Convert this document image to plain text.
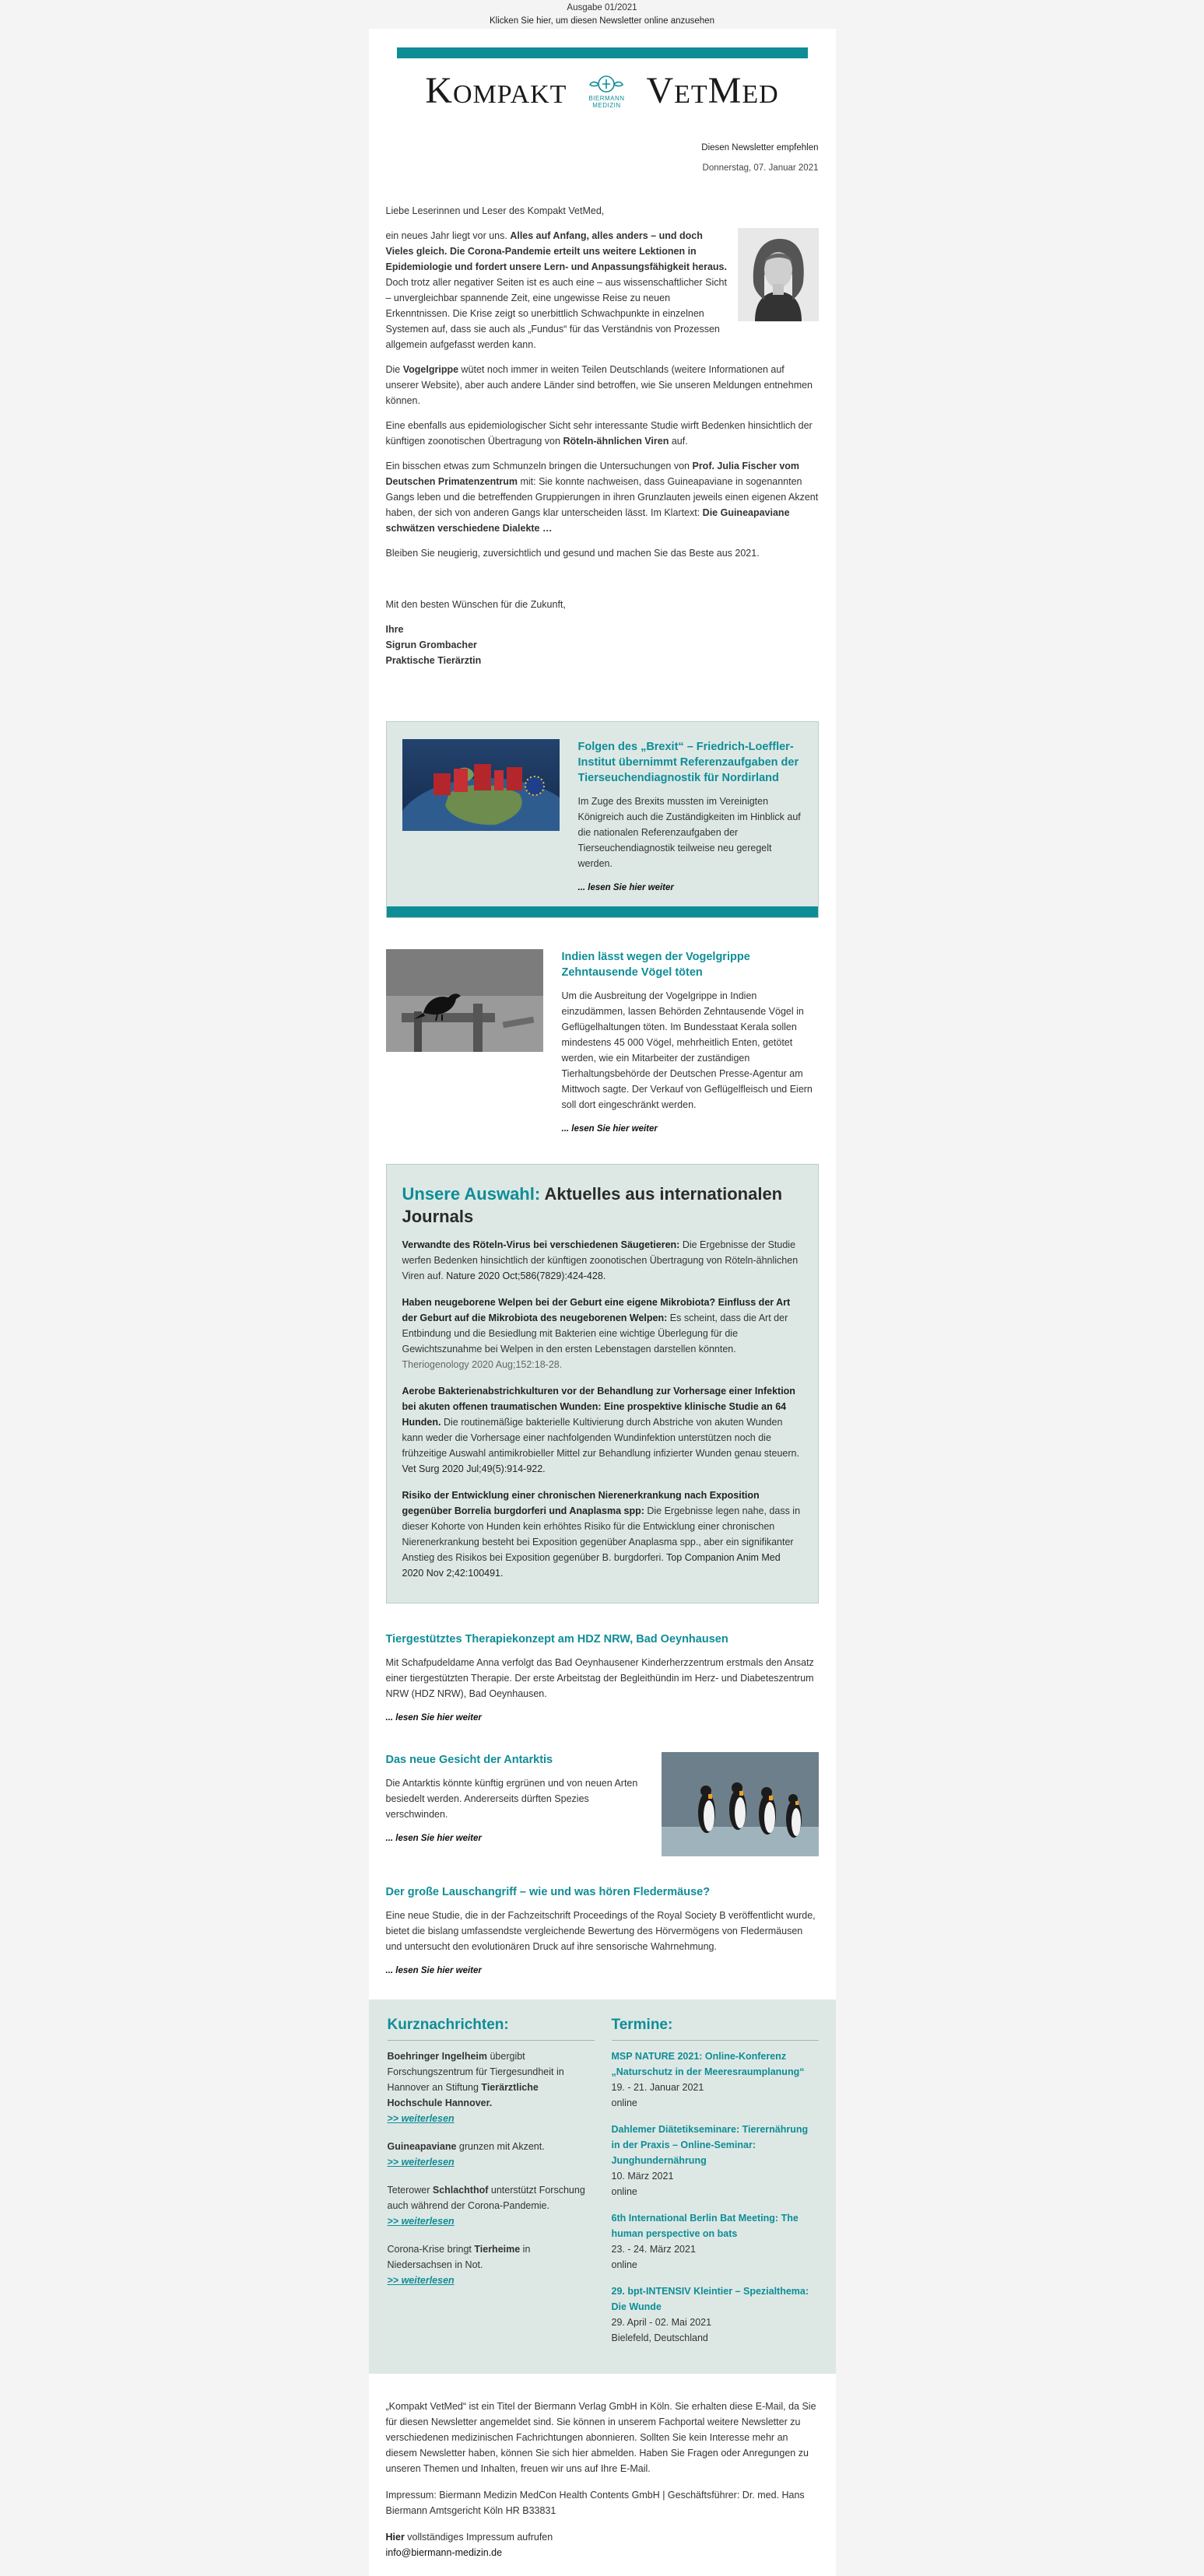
Ausgabe 01/2021
Klicken Sie hier, um diesen Newsletter online anzusehen
Kompakt	BIERMANN
MEDIZIN VetMed
Diesen Newsletter empfehlen
Donnerstag, 07. Januar 2021

Liebe Leserinnen und Leser des Kompakt VetMed,

ein neues Jahr liegt vor uns. Alles auf Anfang, alles anders – und doch Vieles gleich. Die Corona-Pandemie erteilt uns weitere Lektionen in Epidemiologie und fordert unsere Lern- und Anpassungsfähigkeit heraus. Doch trotz aller negativer Seiten ist es auch eine – aus wissenschaftlicher Sicht – unvergleichbar spannende Zeit, eine ungewisse Reise zu neuen Erkenntnissen. Die Krise zeigt so unerbittlich Schwachpunkte in einzelnen Systemen auf, dass sie auch als „Fundus“ für das Verständnis von Prozessen allgemein aufgefasst werden kann.

Die Vogelgrippe wütet noch immer in weiten Teilen Deutschlands (weitere Informationen auf unserer Website), aber auch andere Länder sind betroffen, wie Sie unseren Meldungen entnehmen können.

Eine ebenfalls aus epidemiologischer Sicht sehr interessante Studie wirft Bedenken hinsichtlich der künftigen zoonotischen Übertragung von Röteln-ähnlichen Viren auf.

Ein bisschen etwas zum Schmunzeln bringen die Untersuchungen von Prof. Julia Fischer vom Deutschen Primatenzentrum mit: Sie konnte nachweisen, dass Guineapaviane in sogenannten Gangs leben und die betreffenden Gruppierungen in ihren Grunzlauten jeweils einen eigenen Akzent haben, der sich von anderen Gangs klar unterscheiden lässt. Im Klartext: Die Guineapaviane schwätzen verschiedene Dialekte …

Bleiben Sie neugierig, zuversichtlich und gesund und machen Sie das Beste aus 2021.

Mit den besten Wünschen für die Zukunft,

Ihre
Sigrun Grombacher
Praktische Tierärztin
Folgen des „Brexit“ – Friedrich-Loeffler-Institut übernimmt Referenzaufgaben der Tierseuchendiagnostik für Nordirland

Im Zuge des Brexits mussten im Vereinigten Königreich auch die Zuständigkeiten im Hinblick auf die nationalen Referenzaufgaben der Tierseuchendiagnostik teilweise neu geregelt werden.

... lesen Sie hier weiter
Indien lässt wegen der Vogelgrippe Zehntausende Vögel töten

Um die Ausbreitung der Vogelgrippe in Indien einzudämmen, lassen Behörden Zehntausende Vögel in Geflügelhaltungen töten. Im Bundesstaat Kerala sollen mindestens 45 000 Vögel, mehrheitlich Enten, getötet werden, wie ein Mitarbeiter der zuständigen Tierhaltungsbehörde der Deutschen Presse-Agentur am Mittwoch sagte. Der Verkauf von Geflügelfleisch und Eiern soll dort eingeschränkt werden.

... lesen Sie hier weiter
Unsere Auswahl: Aktuelles aus internationalen Journals
Verwandte des Röteln-Virus bei verschiedenen Säugetieren: Die Ergebnisse der Studie werfen Bedenken hinsichtlich der künftigen zoonotischen Übertragung von Röteln-ähnlichen Viren auf. Nature 2020 Oct;586(7829):424-428.
Haben neugeborene Welpen bei der Geburt eine eigene Mikrobiota? Einfluss der Art der Geburt auf die Mikrobiota des neugeborenen Welpen: Es scheint, dass die Art der Entbindung und die Besiedlung mit Bakterien eine wichtige Überlegung für die Gewichtszunahme bei Welpen in den ersten Lebenstagen darstellen könnten.
Theriogenology 2020 Aug;152:18-28.
Aerobe Bakterienabstrichkulturen vor der Behandlung zur Vorhersage einer Infektion bei akuten offenen traumatischen Wunden: Eine prospektive klinische Studie an 64 Hunden. Die routinemäßige bakterielle Kultivierung durch Abstriche von akuten Wunden kann weder die Vorhersage einer nachfolgenden Wundinfektion unterstützen noch die frühzeitige Auswahl antimikrobieller Mittel zur Behandlung infizierter Wunden genau steuern.
Vet Surg 2020 Jul;49(5):914-922.
Risiko der Entwicklung einer chronischen Nierenerkrankung nach Exposition gegenüber Borrelia burgdorferi und Anaplasma spp: Die Ergebnisse legen nahe, dass in dieser Kohorte von Hunden kein erhöhtes Risiko für die Entwicklung einer chronischen Nierenerkrankung besteht bei Exposition gegenüber Anaplasma spp., aber ein signifikanter Anstieg des Risikos bei Exposition gegenüber B. burgdorferi. Top Companion Anim Med 2020 Nov 2;42:100491.
Tiergestütztes Therapiekonzept am HDZ NRW, Bad Oeynhausen

Mit Schafpudeldame Anna verfolgt das Bad Oeynhausener Kinderherzzentrum erstmals den Ansatz einer tiergestützten Therapie. Der erste Arbeitstag der Begleithündin im Herz- und Diabeteszentrum NRW (HDZ NRW), Bad Oeynhausen.

... lesen Sie hier weiter
Das neue Gesicht der Antarktis

Die Antarktis könnte künftig ergrünen und von neuen Arten besiedelt werden. Andererseits dürften Spezies verschwinden.

... lesen Sie hier weiter
Der große Lauschangriff – wie und was hören Fledermäuse?

Eine neue Studie, die in der Fachzeitschrift Proceedings of the Royal Society B veröffentlicht wurde, bietet die bislang umfassendste vergleichende Bewertung des Hörvermögens von Fledermäusen und untersucht den evolutionären Druck auf ihre sensorische Wahrnehmung.

... lesen Sie hier weiter
Kurznachrichten:
Boehringer Ingelheim übergibt Forschungszentrum für Tiergesundheit in Hannover an Stiftung Tierärztliche Hochschule Hannover.
>> weiterlesen
Guineapaviane grunzen mit Akzent.
>> weiterlesen
Teterower Schlachthof unterstützt Forschung auch während der Corona-Pandemie.
>> weiterlesen
Corona-Krise bringt Tierheime in Niedersachsen in Not.
>> weiterlesen
Termine:
MSP NATURE 2021: Online-Konferenz „Naturschutz in der Meeresraumplanung“
19. - 21. Januar 2021
online
Dahlemer Diätetikseminare: Tierernährung in der Praxis – Online-Seminar: Junghundernährung
10. März 2021
online
6th International Berlin Bat Meeting: The human perspective on bats
23. - 24. März 2021
online
29. bpt-INTENSIV Kleintier – Spezialthema: Die Wunde
29. April - 02. Mai 2021
Bielefeld, Deutschland

„Kompakt VetMed“ ist ein Titel der Biermann Verlag GmbH in Köln. Sie erhalten diese E-Mail, da Sie für diesen Newsletter angemeldet sind. Sie können in unserem Fachportal weitere Newsletter zu verschiedenen medizinischen Fachrichtungen abonnieren. Sollten Sie kein Interesse mehr an diesem Newsletter haben, können Sie sich hier abmelden. Haben Sie Fragen oder Anregungen zu unseren Themen und Inhalten, freuen wir uns auf Ihre E-Mail.

Impressum: Biermann Medizin MedCon Health Contents GmbH | Geschäftsführer: Dr. med. Hans Biermann Amtsgericht Köln HR B33831

Hier vollständiges Impressum aufrufen
info@biermann-medizin.de
